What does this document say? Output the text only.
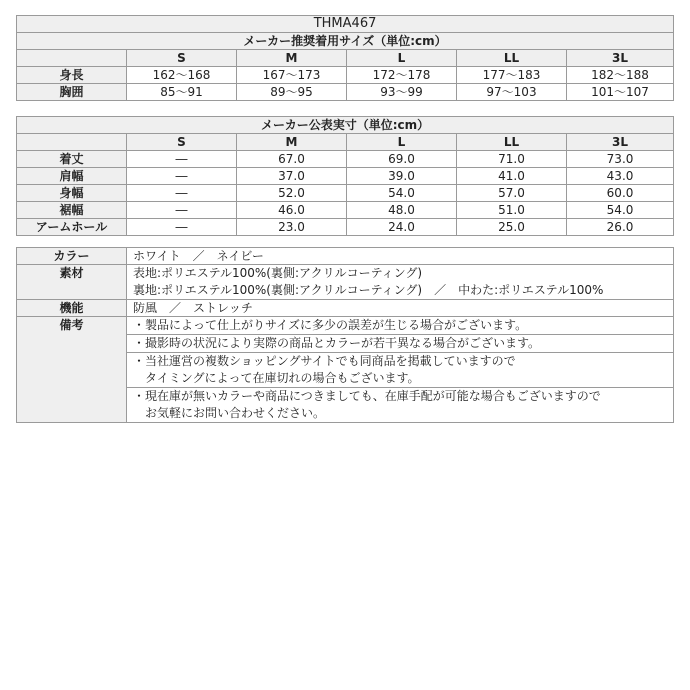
THMA467					
メーカー推奨着用サイズ（単位:cm）					
	S	M	L	LL	3L
身長	162～168	167～173	172～178	177～183	182～188
胸囲	85～91	89～95	93～99	97～103	101～107
メーカー公表実寸（単位:cm）					
	S	M	L	LL	3L
着丈	―	67.0	69.0	71.0	73.0
肩幅	―	37.0	39.0	41.0	43.0
身幅	―	52.0	54.0	57.0	60.0
裾幅	―	46.0	48.0	51.0	54.0
アームホール	―	23.0	24.0	25.0	26.0
カラー	ホワイト　／　ネイビー
素材	表地:ポリエステル100%(裏側:アクリルコーティング)
裏地:ポリエステル100%(裏側:アクリルコーティング)　／　中わた:ポリエステル100%

機能	防風　／　ストレッチ
備考	・製品によって仕上がりサイズに多少の誤差が生じる場合がございます。

	・撮影時の状況により実際の商品とカラーが若干異なる場合がございます。

	・当社運営の複数ショッピングサイトでも同商品を掲載していますので
　タイミングによって在庫切れの場合もございます。

	・現在庫が無いカラーや商品につきましても、在庫手配が可能な場合もございますので
　お気軽にお問い合わせください。
